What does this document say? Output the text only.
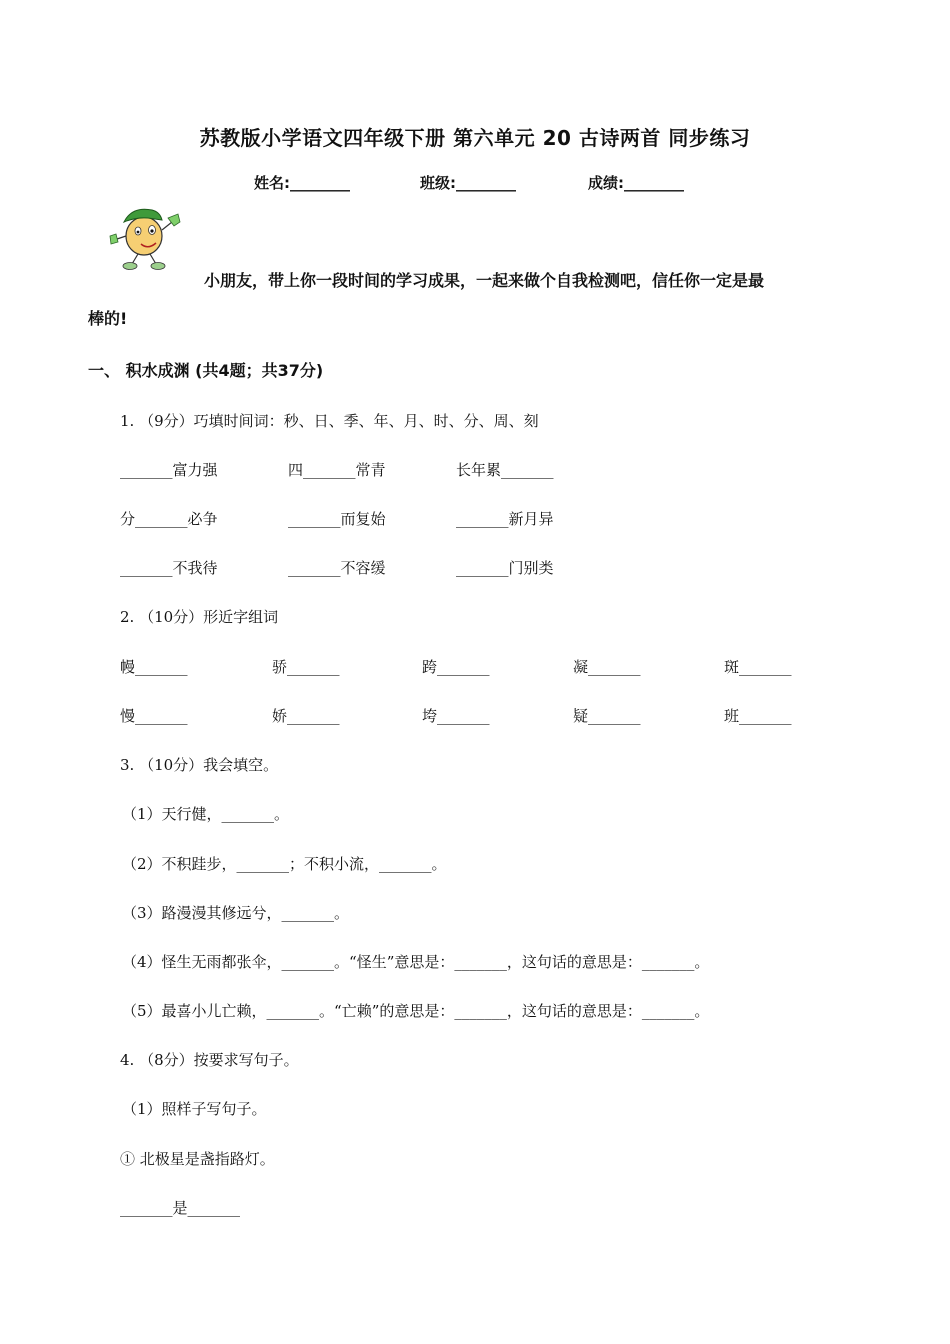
苏教版小学语文四年级下册 第六单元 20 古诗两首 同步练习
姓名:________	班级:________	成绩:________
小朋友，带上你一段时间的学习成果，一起来做个自我检测吧，信任你一定是最
棒的!
一、 积水成渊 (共4题；共37分)
1. （9分）巧填时间词：秒、日、季、年、月、时、分、周、刻
_______富力强	四_______常青	长年累_______
分_______必争	_______而复始	_______新月异
_______不我待	_______不容缓	_______门别类
2. （10分）形近字组词
幔_______	骄_______	跨_______	凝_______	斑_______
慢_______	娇_______	垮_______	疑_______	班_______
3. （10分）我会填空。
（1）天行健，_______。
（2）不积跬步，_______；不积小流，_______。
（3）路漫漫其修远兮，_______。
（4）怪生无雨都张伞，_______。“怪生”意思是：_______，这句话的意思是：_______。
（5）最喜小儿亡赖，_______。“亡赖”的意思是：_______，这句话的意思是：_______。
4. （8分）按要求写句子。
（1）照样子写句子。
① 北极星是盏指路灯。
_______是_______
